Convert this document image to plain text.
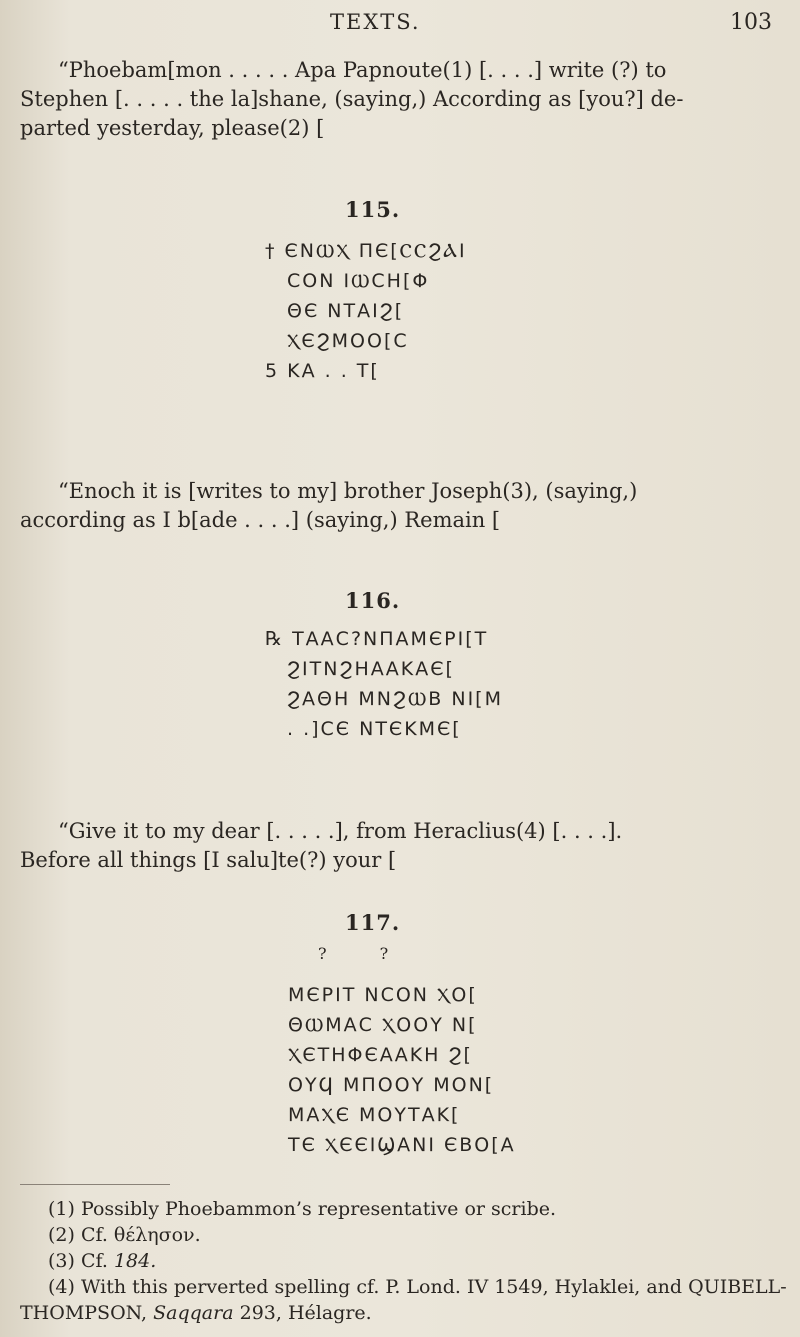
TEXTS.	103

“Phoebam[mon . . . . . Apa Papnoute(1) [. . . .] write (?) to
Stephen [. . . . . the la]shane, (saying,) According as [you?] de-
parted yesterday, please(2) [

115.

† ЄNⲰⲬ ΠЄ[ⲤⲤϨⲀΙ
CON ΙⲰCΗ[Φ
ΘЄ ΝΤΑΙϨ[
ⲬЄϨΜΟΟ[C
5 ΚΑ . . Τ[

“Enoch it is [writes to my] brother Joseph(3), (saying,)
according as I b[ade . . . .] (saying,) Remain [

116.

℞ ΤΑΑC?ΝΠΑΜЄΡΙ[Τ
ϨΙΤΝϨΗΑΑΚΑЄ[
ϨΑΘΗ ΜΝϨⲰΒ ΝΙ[Μ
. .]CЄ ΝΤЄΚΜЄ[

“Give it to my dear [. . . . .], from Heraclius(4) [. . . .].
Before all things [I salu]te(?) your [

117.
? ?

ΜЄΡΙΤ ΝCΟΝ ⲬΟ[
ΘⲰΜΑC ⲬΟΟΥ Ν[
ⲬЄΤΗΦЄΑΑΚΗ Ϩ[
ΟΥϤ ΜΠΟΟΥ ΜΟΝ[
ΜΑⲬЄ ΜΟΥΤΑΚ[
ΤЄ ⲬЄЄΙϢΑΝΙ ЄΒΟ[Α

(1) Possibly Phoebammon’s representative or scribe.
(2) Cf. θέλησον.
(3) Cf. 184.
(4) With this perverted spelling cf. P. Lond. IV 1549, Hylaklei, and QUIBELL-
THOMPSON, Saqqara 293, Hélagre.
